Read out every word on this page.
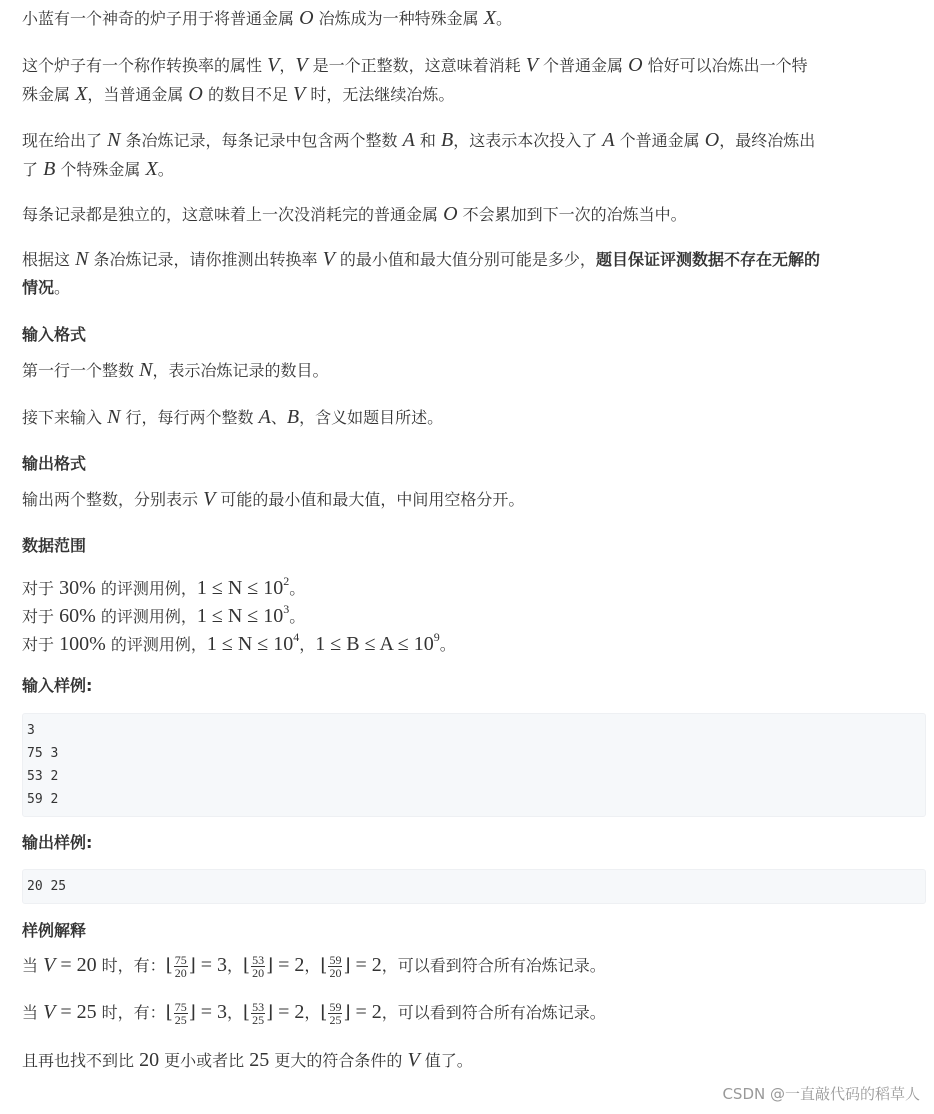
小蓝有一个神奇的炉子用于将普通金属 O 冶炼成为一种特殊金属 X。

这个炉子有一个称作转换率的属性 V，V 是一个正整数，这意味着消耗 V 个普通金属 O 恰好可以冶炼出一个特
殊金属 X，当普通金属 O 的数目不足 V 时，无法继续冶炼。

现在给出了 N 条冶炼记录，每条记录中包含两个整数 A 和 B，这表示本次投入了 A 个普通金属 O，最终冶炼出
了 B 个特殊金属 X。

每条记录都是独立的，这意味着上一次没消耗完的普通金属 O 不会累加到下一次的冶炼当中。

根据这 N 条冶炼记录，请你推测出转换率 V 的最小值和最大值分别可能是多少，题目保证评测数据不存在无解的
情况。

输入格式

第一行一个整数 N，表示冶炼记录的数目。

接下来输入 N 行，每行两个整数 A、B，含义如题目所述。

输出格式

输出两个整数，分别表示 V 可能的最小值和最大值，中间用空格分开。

数据范围

对于 30% 的评测用例，$1 \le N \le 10^2$。

对于 60% 的评测用例，$1 \le N \le 10^3$。

对于 100% 的评测用例，$1 \le N \le 10^4$，$1 \le B \le A \le 10^9$。

输入样例:
3
75 3
53 2
59 2
输出样例:
20 25
样例解释

当 V = 20 时，有：⌊ $\frac{75}{20}$ ⌋ = 3，⌊ $\frac{53}{20}$ ⌋ = 2，⌊ $\frac{59}{20}$ ⌋ = 2，可以看到符合所有冶炼记录。

当 V = 25 时，有：⌊ $\frac{75}{25}$ ⌋ = 3，⌊ $\frac{53}{25}$ ⌋ = 2，⌊ $\frac{59}{25}$ ⌋ = 2，可以看到符合所有冶炼记录。

且再也找不到比 20 更小或者比 25 更大的符合条件的 V 值了。

CSDN @一直敲代码的稻草人
